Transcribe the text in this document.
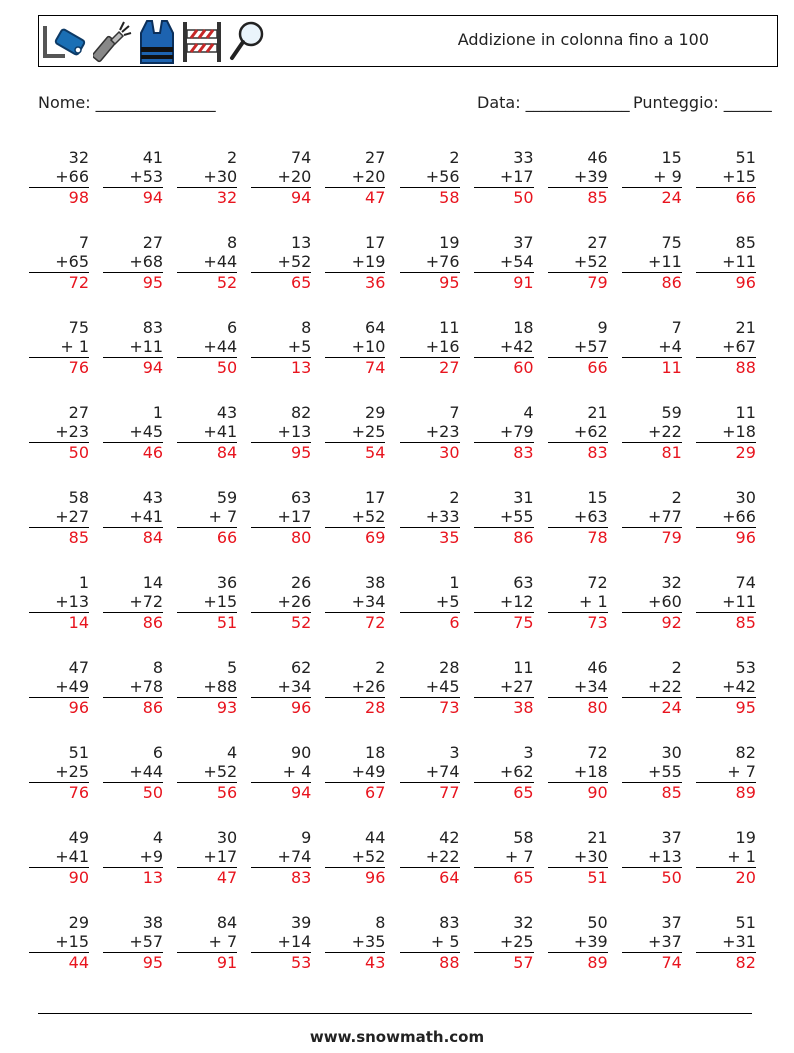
Addizione in colonna fino a 100
Nome: _______________	Data: _____________ Punteggio: ______
32
+66
98
41
+53
94
2
+30
32
74
+20
94
27
+20
47
2
+56
58
33
+17
50
46
+39
85
15
+ 9
24
51
+15
66
7
+65
72
27
+68
95
8
+44
52
13
+52
65
17
+19
36
19
+76
95
37
+54
91
27
+52
79
75
+11
86
85
+11
96
75
+ 1
76
83
+11
94
6
+44
50
8
+5
13
64
+10
74
11
+16
27
18
+42
60
9
+57
66
7
+4
11
21
+67
88
27
+23
50
1
+45
46
43
+41
84
82
+13
95
29
+25
54
7
+23
30
4
+79
83
21
+62
83
59
+22
81
11
+18
29
58
+27
85
43
+41
84
59
+ 7
66
63
+17
80
17
+52
69
2
+33
35
31
+55
86
15
+63
78
2
+77
79
30
+66
96
1
+13
14
14
+72
86
36
+15
51
26
+26
52
38
+34
72
1
+5
6
63
+12
75
72
+ 1
73
32
+60
92
74
+11
85
47
+49
96
8
+78
86
5
+88
93
62
+34
96
2
+26
28
28
+45
73
11
+27
38
46
+34
80
2
+22
24
53
+42
95
51
+25
76
6
+44
50
4
+52
56
90
+ 4
94
18
+49
67
3
+74
77
3
+62
65
72
+18
90
30
+55
85
82
+ 7
89
49
+41
90
4
+9
13
30
+17
47
9
+74
83
44
+52
96
42
+22
64
58
+ 7
65
21
+30
51
37
+13
50
19
+ 1
20
29
+15
44
38
+57
95
84
+ 7
91
39
+14
53
8
+35
43
83
+ 5
88
32
+25
57
50
+39
89
37
+37
74
51
+31
82
www.snowmath.com
